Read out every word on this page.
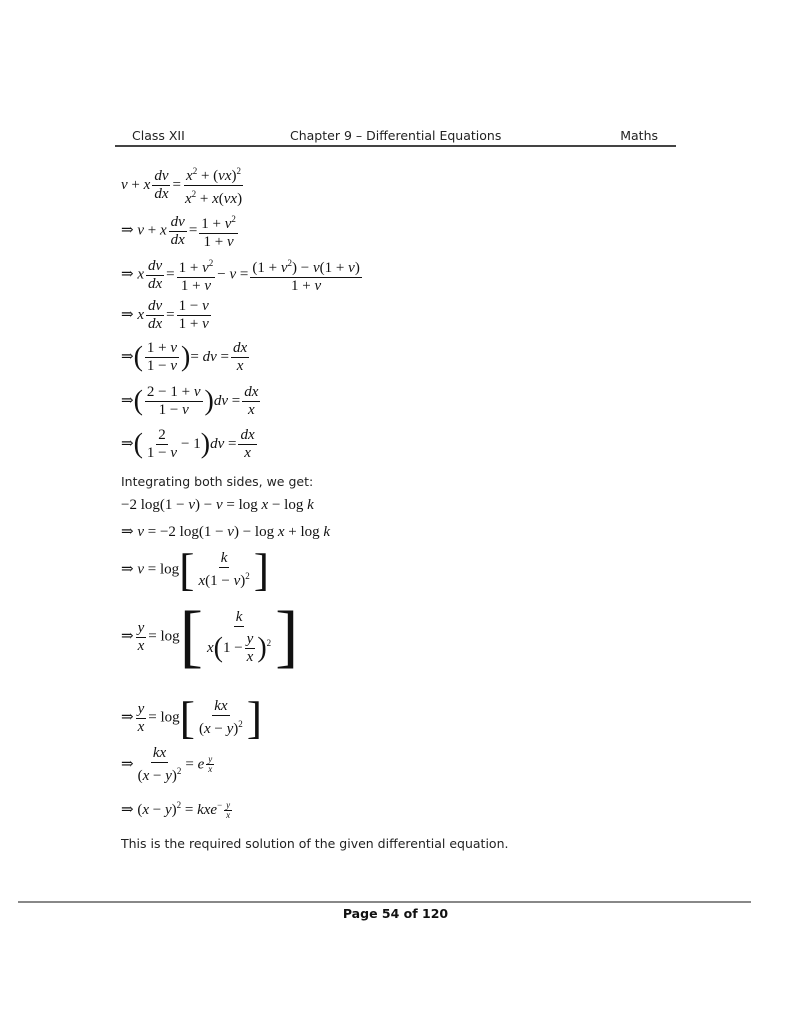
Class XII	Chapter 9 – Differential Equations	Maths
v + x $\frac{dv}{dx} = \frac{x^2 + (vx)^2}{x^2 + x(vx)}$
⇒ v + x $\frac{dv}{dx} = \frac{1 + v^2}{1 + v}$
⇒ x $\frac{dv}{dx} = \frac{1 + v^2}{1 + v} - v = \frac{(1 + v^2) - v(1 + v)}{1 + v}$
⇒ x $\frac{dv}{dx} = \frac{1 - v}{1 + v}$
⇒( $\frac{1 + v}{1 - v}$ )= dv = $\frac{dx}{x}$
⇒( $\frac{2 - 1 + v}{1 - v} )dv = \frac{dx}{x}$
⇒( $\frac{2}{1 - v} - 1)dv = \frac{dx}{x}$
Integrating both sides, we get:
−2 log(1 − v) − v = log x − log k
⇒ v = −2 log(1 − v) − log x + log k
⇒ $v = \log[ \frac{k}{x(1 - v)^2}$ ]
⇒ $\frac{y}{x} = \log[ \frac{k}{x(1 - \frac{y}{x} )^2}$ ]
⇒ $\frac{y}{x} = \log[ \frac{kx}{(x - y)^2}$ ]
⇒ $\frac{kx}{(x - y)^2} = e \frac{y}{x}$
⇒ $(x - y)^2 = kxe^- \frac{y}{x}$
This is the required solution of the given differential equation.
Page 54 of 120
